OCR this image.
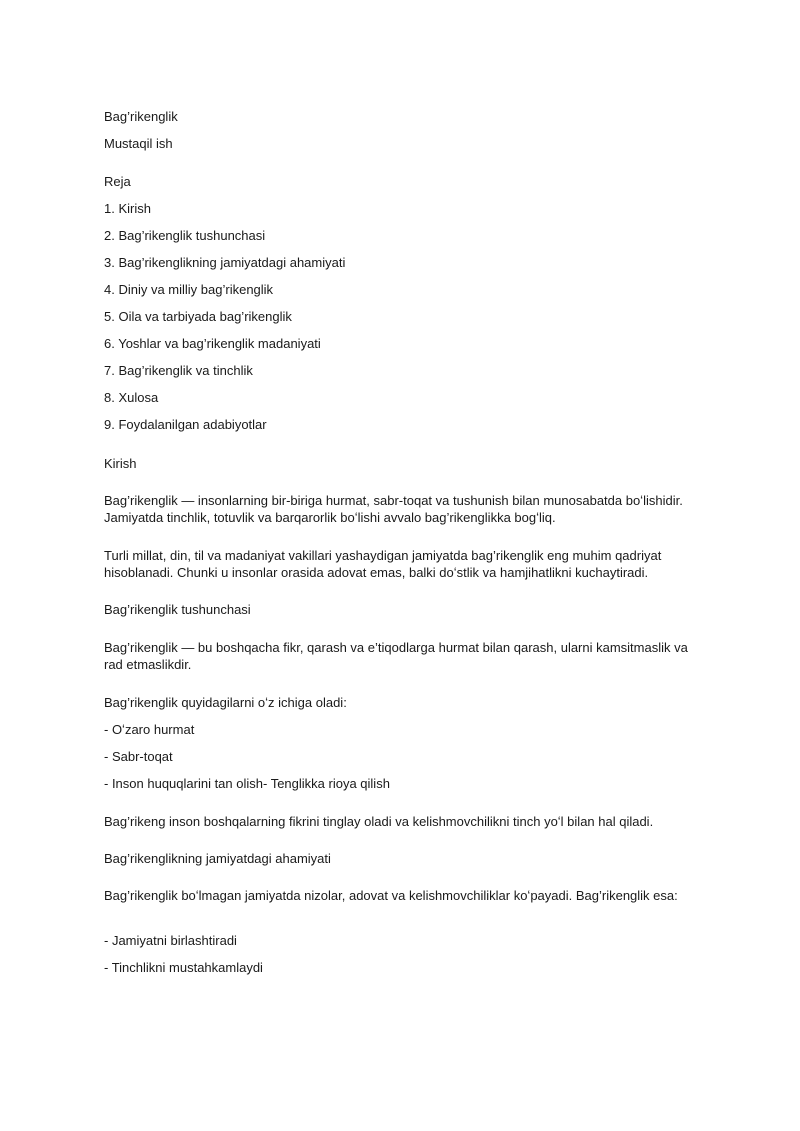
Bag’rikenglik

Mustaqil ish

Reja

1. Kirish

2. Bag’rikenglik tushunchasi

3. Bag’rikenglikning jamiyatdagi ahamiyati

4. Diniy va milliy bag’rikenglik

5. Oila va tarbiyada bag’rikenglik

6. Yoshlar va bag’rikenglik madaniyati

7. Bag’rikenglik va tinchlik

8. Xulosa

9. Foydalanilgan adabiyotlar

Kirish

Bag’rikenglik — insonlarning bir-biriga hurmat, sabr-toqat va tushunish bilan munosabatda boʻlishidir. Jamiyatda tinchlik, totuvlik va barqarorlik boʻlishi avvalo bag’rikenglikka bogʻliq.

Turli millat, din, til va madaniyat vakillari yashaydigan jamiyatda bag’rikenglik eng muhim qadriyat hisoblanadi. Chunki u insonlar orasida adovat emas, balki doʻstlik va hamjihatlikni kuchaytiradi.

Bag’rikenglik tushunchasi

Bag’rikenglik — bu boshqacha fikr, qarash va e’tiqodlarga hurmat bilan qarash, ularni kamsitmaslik va rad etmaslikdir.

Bag’rikenglik quyidagilarni oʻz ichiga oladi:

- Oʻzaro hurmat

- Sabr-toqat

- Inson huquqlarini tan olish- Tenglikka rioya qilish

Bag’rikeng inson boshqalarning fikrini tinglay oladi va kelishmovchilikni tinch yoʻl bilan hal qiladi.

Bag’rikenglikning jamiyatdagi ahamiyati

Bag’rikenglik boʻlmagan jamiyatda nizolar, adovat va kelishmovchiliklar koʻpayadi. Bag’rikenglik esa:

- Jamiyatni birlashtiradi

- Tinchlikni mustahkamlaydi
